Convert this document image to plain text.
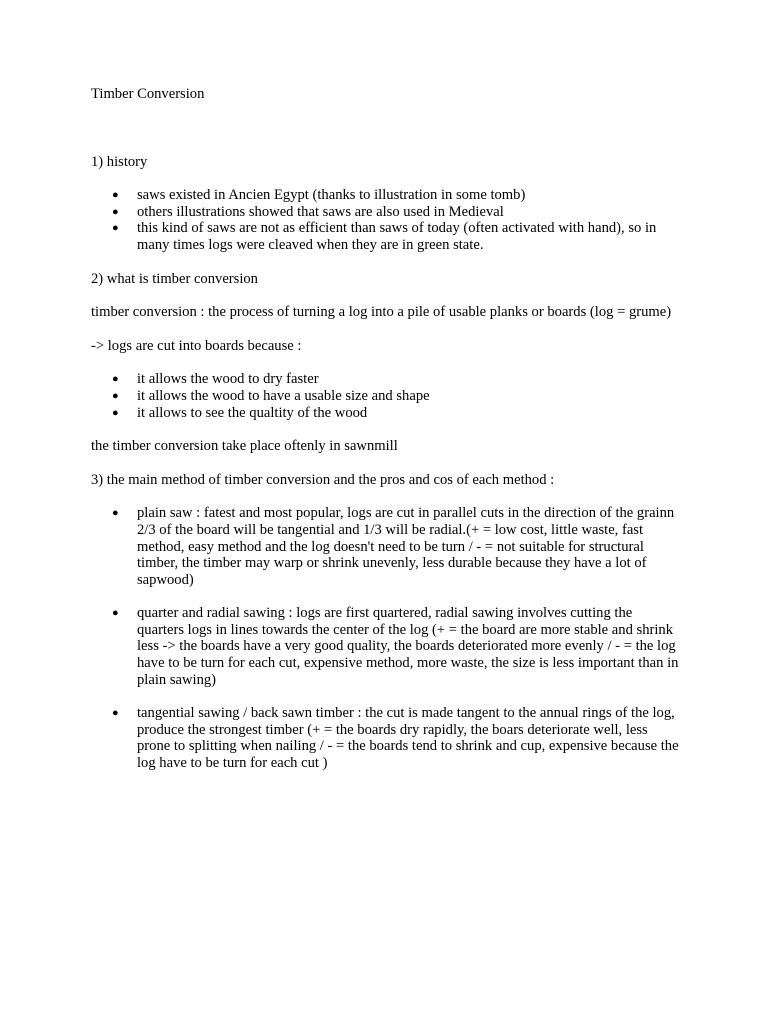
Timber Conversion

1) history

● saws existed in Ancien Egypt (thanks to illustration in some tomb)
● others illustrations showed that saws are also used in Medieval
● this kind of saws are not as efficient than saws of today (often activated with hand), so in many times logs were cleaved when they are in green state.

2) what is timber conversion

timber conversion : the process of turning a log into a pile of usable planks or boards (log = grume)

-> logs are cut into boards because :

● it allows the wood to dry faster
● it allows the wood to have a usable size and shape
● it allows to see the qualtity of the wood

the timber conversion take place oftenly in sawnmill

3) the main method of timber conversion and the pros and cos of each method :

● plain saw : fatest and most popular, logs are cut in parallel cuts in the direction of the grainn 2/3 of the board will be tangential and 1/3 will be radial.(+ = low cost, little waste, fast method, easy method and the log doesn't need to be turn / - = not suitable for structural timber, the timber may warp or shrink unevenly, less durable because they have a lot of sapwood)
● quarter and radial sawing : logs are first quartered, radial sawing involves cutting the quarters logs in lines towards the center of the log (+ = the board are more stable and shrink less -> the boards have a very good quality, the boards deteriorated more evenly / - = the log have to be turn for each cut, expensive method, more waste, the size is less important than in plain sawing)
● tangential sawing / back sawn timber : the cut is made tangent to the annual rings of the log, produce the strongest timber (+ = the boards dry rapidly, the boars deteriorate well, less prone to splitting when nailing / - = the boards tend to shrink and cup, expensive because the log have to be turn for each cut )
